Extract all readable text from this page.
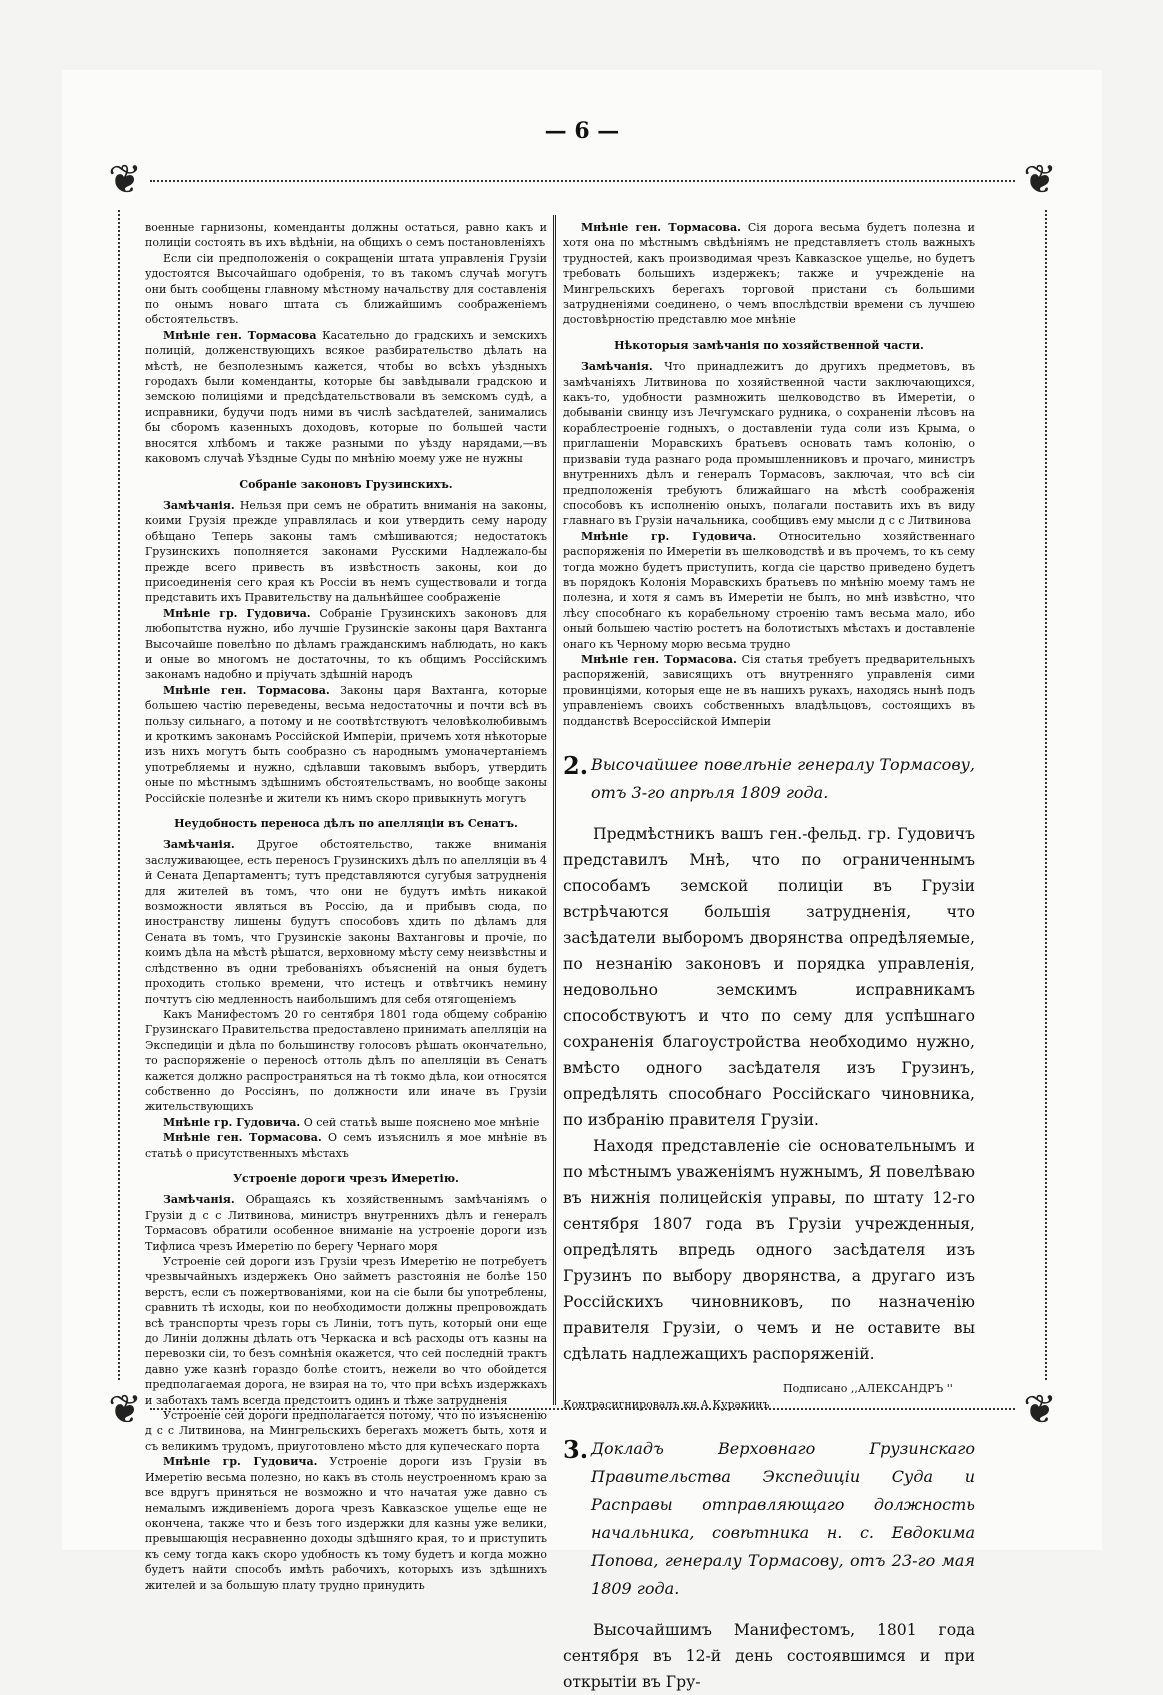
— 6 —
❦	❦
❦	❦

военные гарнизоны, коменданты должны остаться, равно какъ и полиціи состоять въ ихъ вѣдѣніи, на общихъ о семъ постановленіяхъ

Если сіи предположенія о сокращеніи штата управленія Грузіи удостоятся Высочайшаго одобренія, то въ такомъ случаѣ могутъ они быть сообщены главному мѣстному начальству для составленія по онымъ новаго штата съ ближайшимъ соображеніемъ обстоятельствъ.

Мнѣніе ген. Тормасова Касательно до градскихъ и земскихъ полицій, долженствующихъ всякое разбирательство дѣлать на мѣстѣ, не безполезнымъ кажется, чтобы во всѣхъ уѣздныхъ городахъ были коменданты, которые бы завѣдывали градскою и земскою полиціями и предсѣдательствовали въ земскомъ судѣ, а исправники, будучи подъ ними въ числѣ засѣдателей, занимались бы сборомъ казенныхъ доходовъ, которые по большей части вносятся хлѣбомъ и также разными по уѣзду нарядами,—въ каковомъ случаѣ Уѣздные Суды по мнѣнію моему уже не нужны

Собраніе законовъ Грузинскихъ.

Замѣчанія. Нельзя при семъ не обратить вниманія на законы, коими Грузія прежде управлялась и кои утвердить сему народу обѣщано Теперь законы тамъ смѣшиваются; недостатокъ Грузинскихъ пополняется законами Русскими Надлежало-бы прежде всего привесть въ извѣстность законы, кои до присоединенія сего края къ Россіи въ немъ существовали и тогда представить ихъ Правительству на дальнѣйшее соображеніе

Мнѣніе гр. Гудовича. Собраніе Грузинскихъ законовъ для любопытства нужно, ибо лучшіе Грузинскіе законы царя Вахтанга Высочайше повелѣно по дѣламъ гражданскимъ наблюдать, но какъ и оные во многомъ не достаточны, то къ общимъ Россійскимъ законамъ надобно и пріучать здѣшній народъ

Мнѣніе ген. Тормасова. Законы царя Вахтанга, которые большею частію переведены, весьма недостаточны и почти всѣ въ пользу сильнаго, а потому и не соотвѣтствуютъ человѣколюбивымъ и кроткимъ законамъ Россійской Имперіи, причемъ хотя нѣкоторые изъ нихъ могутъ быть сообразно съ народнымъ умоначертаніемъ употребляемы и нужно, сдѣлавши таковымъ выборъ, утвердить оные по мѣстнымъ здѣшнимъ обстоятельствамъ, но вообще законы Россійскіе полезнѣе и жители къ нимъ скоро привыкнуть могутъ

Неудобность переноса дѣлъ по апелляціи въ Сенатъ.

Замѣчанія. Другое обстоятельство, также вниманія заслуживающее, есть переносъ Грузинскихъ дѣлъ по апелляціи въ 4 й Сената Департаментъ; тутъ представляются сугубыя затрудненія для жителей въ томъ, что они не будутъ имѣть никакой возможности являться въ Россію, да и прибывъ сюда, по иностранству лишены будутъ способовъ хдить по дѣламъ для Сената въ томъ, что Грузинскіе законы Вахтанговы и прочіе, по коимъ дѣла на мѣстѣ рѣшатся, верховному мѣсту сему неизвѣстны и слѣдственно въ одни требованіяхъ объясненій на оныя будетъ проходить столько времени, что истецъ и отвѣтчикъ немину почтутъ сію медленность наибольшимъ для себя отягощеніемъ

Какъ Манифестомъ 20 го сентября 1801 года общему собранію Грузинскаго Правительства предоставлено принимать апелляціи на Экспедиціи и дѣла по большинству голосовъ рѣшать окончательно, то распоряженіе о переносѣ оттоль дѣлъ по апелляціи въ Сенатъ кажется должно распространяться на тѣ токмо дѣла, кои относятся собственно до Россіянъ, по должности или иначе въ Грузіи жительствующихъ

Мнѣніе гр. Гудовича. О сей статьѣ выше пояснено мое мнѣніе

Мнѣніе ген. Тормасова. О семъ изъяснилъ я мое мнѣніе въ статьѣ о присутственныхъ мѣстахъ

Устроеніе дороги чрезъ Имеретію.

Замѣчанія. Обращаясь къ хозяйственнымъ замѣчаніямъ о Грузіи д с с Литвинова, министръ внутреннихъ дѣлъ и генералъ Тормасовъ обратили особенное вниманіе на устроеніе дороги изъ Тифлиса чрезъ Имеретію по берегу Чернаго моря

Устроеніе сей дороги изъ Грузіи чрезъ Имеретію не потребуетъ чрезвычайныхъ издержекъ Оно займетъ разстоянія не болѣе 150 верстъ, если съ пожертвованіями, кои на сіе были бы употреблены, сравнить тѣ исходы, кои по необходимости должны препровождать всѣ транспорты чрезъ горы съ Линіи, тотъ путь, который они еще до Линіи должны дѣлать отъ Черкаска и всѣ расходы отъ казны на перевозки сіи, то безъ сомнѣнія окажется, что сей последній трактъ давно уже казнѣ гораздо болѣе стоитъ, нежели во что обойдется предполагаемая дорога, не взирая на то, что при всѣхъ издержкахъ и заботахъ тамъ всегда предстоитъ одинъ и тѣже затрудненія

Устроеніе сей дороги предполагается потому, что по изъясненію д с с Литвинова, на Мингрельскихъ берегахъ можетъ быть, хотя и съ великимъ трудомъ, приуготовлено мѣсто для купеческаго порта

Мнѣніе гр. Гудовича. Устроеніе дороги изъ Грузіи въ Имеретію весьма полезно, но какъ въ столь неустроенномъ краю за все вдругъ приняться не возможно и что начатая уже давно съ немалымъ иждивеніемъ дорога чрезъ Кавказское ущелье еще не окончена, также что и безъ того издержки для казны уже велики, превышающія несравненно доходы здѣшняго края, то и приступить къ сему тогда какъ скоро удобность къ тому будетъ и когда можно будетъ найти способъ имѣть рабочихъ, которыхъ изъ здѣшнихъ жителей и за большую плату трудно принудить

Мнѣніе ген. Тормасова. Сія дорога весьма будетъ полезна и хотя она по мѣстнымъ свѣдѣніямъ не представляетъ столь важныхъ трудностей, какъ производимая чрезъ Кавказское ущелье, но будетъ требовать большихъ издержекъ; также и учрежденіе на Мингрельскихъ берегахъ торговой пристани съ большими затрудненіями соединено, о чемъ впослѣдствіи времени съ лучшею достовѣрностію представлю мое мнѣніе

Нѣкоторыя замѣчанія по хозяйственной части.

Замѣчанія. Что принадлежитъ до другихъ предметовъ, въ замѣчаніяхъ Литвинова по хозяйственной части заключающихся, какъ-то, удобности размножить шелководство въ Имеретіи, о добываніи свинцу изъ Лечгумскаго рудника, о сохраненіи лѣсовъ на кораблестроеніе годныхъ, о доставленіи туда соли изъ Крыма, о приглашеніи Моравскихъ братьевъ основать тамъ колонію, о призвавіи туда разнаго рода промышленниковъ и прочаго, министръ внутреннихъ дѣлъ и генералъ Тормасовъ, заключая, что всѣ сіи предположенія требуютъ ближайшаго на мѣстѣ соображенія способовъ къ исполненію оныхъ, полагали поставить ихъ въ виду главнаго въ Грузіи начальника, сообщивъ ему мысли д с с Литвинова

Мнѣніе гр. Гудовича. Относительно хозяйственнаго распоряженія по Имеретіи въ шелководствѣ и въ прочемъ, то къ сему тогда можно будетъ приступить, когда сіе царство приведено будетъ въ порядокъ Колонія Моравскихъ братьевъ по мнѣнію моему тамъ не полезна, и хотя я самъ въ Имеретіи не былъ, но мнѣ извѣстно, что лѣсу способнаго къ корабельному строенію тамъ весьма мало, ибо оный большею частію ростетъ на болотистыхъ мѣстахъ и доставленіе онаго къ Черному морю весьма трудно

Мнѣніе ген. Тормасова. Сія статья требуетъ предварительныхъ распоряженій, зависящихъ отъ внутренняго управленія сими провинціями, которыя еще не въ нашихъ рукахъ, находясь нынѣ подъ управленіемъ своихъ собственныхъ владѣльцовъ, состоящихъ въ подданствѣ Всероссійской Имперіи

2. Высочайшее повелѣніе генералу Тормасову, отъ 3-го апрѣля 1809 года.

Предмѣстникъ вашъ ген.-фельд. гр. Гудовичъ представилъ Мнѣ, что по ограниченнымъ способамъ земской полиціи въ Грузіи встрѣчаются большія затрудненія, что засѣдатели выборомъ дворянства опредѣляемые, по незнанію законовъ и порядка управленія, недовольно земскимъ исправникамъ способствуютъ и что по сему для успѣшнаго сохраненія благоустройства необходимо нужно, вмѣсто одного засѣдателя изъ Грузинъ, опредѣлять способнаго Россійскаго чиновника, по избранію правителя Грузіи.

Находя представленіе сіе основательнымъ и по мѣстнымъ уваженіямъ нужнымъ, Я повелѣваю въ нижнія полицейскія управы, по штату 12-го сентября 1807 года въ Грузіи учрежденныя, опредѣлять впредь одного засѣдателя изъ Грузинъ по выбору дворянства, а другаго изъ Россійскихъ чиновниковъ, по назначенію правителя Грузіи, о чемъ и не оставите вы сдѣлать надлежащихъ распоряженій.

Подписано ,,АЛЕКСАНДРЪ ''
Контрасигнировалъ кн А Куракинъ
3. Докладъ Верховнаго Грузинскаго Правительства Экспедиціи Суда и Расправы отправляющаго должность начальника, совѣтника н. с. Евдокима Попова, генералу Тормасову, отъ 23-го мая 1809 года.

Высочайшимъ Манифестомъ, 1801 года сентября въ 12-й день состоявшимся и при открытіи въ Гру-
